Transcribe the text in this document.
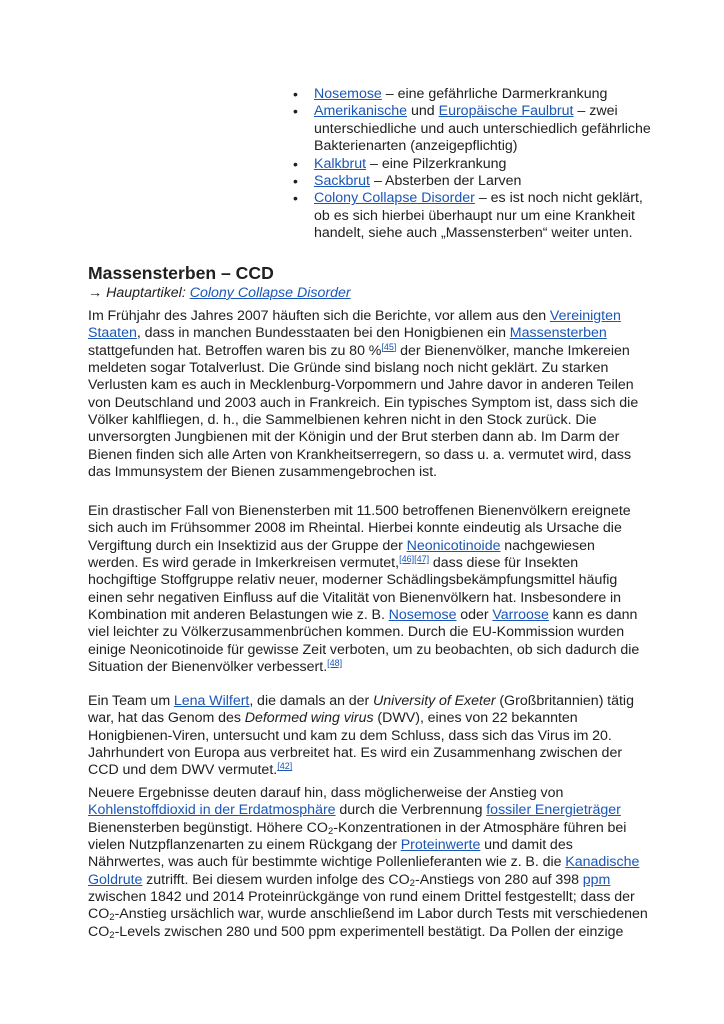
• Nosemose – eine gefährliche Darmerkrankung
• Amerikanische und Europäische Faulbrut – zwei unterschiedliche und auch unterschiedlich gefährliche Bakterienarten (anzeigepflichtig)
• Kalkbrut – eine Pilzerkrankung
• Sackbrut – Absterben der Larven
• Colony Collapse Disorder – es ist noch nicht geklärt, ob es sich hierbei überhaupt nur um eine Krankheit handelt, siehe auch „Massensterben“ weiter unten.
Massensterben – CCD
→ Hauptartikel: Colony Collapse Disorder

Im Frühjahr des Jahres 2007 häuften sich die Berichte, vor allem aus den Vereinigten Staaten, dass in manchen Bundesstaaten bei den Honigbienen ein Massensterben stattgefunden hat. Betroffen waren bis zu 80 %[45] der Bienenvölker, manche Imkereien meldeten sogar Totalverlust. Die Gründe sind bislang noch nicht geklärt. Zu starken Verlusten kam es auch in Mecklenburg-Vorpommern und Jahre davor in anderen Teilen von Deutschland und 2003 auch in Frankreich. Ein typisches Symptom ist, dass sich die Völker kahlfliegen, d. h., die Sammelbienen kehren nicht in den Stock zurück. Die unversorgten Jungbienen mit der Königin und der Brut sterben dann ab. Im Darm der Bienen finden sich alle Arten von Krankheitserregern, so dass u. a. vermutet wird, dass das Immunsystem der Bienen zusammengebrochen ist.

Ein drastischer Fall von Bienensterben mit 11.500 betroffenen Bienenvölkern ereignete sich auch im Frühsommer 2008 im Rheintal. Hierbei konnte eindeutig als Ursache die Vergiftung durch ein Insektizid aus der Gruppe der Neonicotinoide nachgewiesen werden. Es wird gerade in Imkerkreisen vermutet,[46][47] dass diese für Insekten hochgiftige Stoffgruppe relativ neuer, moderner Schädlingsbekämpfungsmittel häufig einen sehr negativen Einfluss auf die Vitalität von Bienenvölkern hat. Insbesondere in Kombination mit anderen Belastungen wie z. B. Nosemose oder Varroose kann es dann viel leichter zu Völkerzusammenbrüchen kommen. Durch die EU-Kommission wurden einige Neonicotinoide für gewisse Zeit verboten, um zu beobachten, ob sich dadurch die Situation der Bienenvölker verbessert.[48]

Ein Team um Lena Wilfert, die damals an der University of Exeter (Großbritannien) tätig war, hat das Genom des Deformed wing virus (DWV), eines von 22 bekannten Honigbienen-Viren, untersucht und kam zu dem Schluss, dass sich das Virus im 20. Jahrhundert von Europa aus verbreitet hat. Es wird ein Zusammenhang zwischen der CCD und dem DWV vermutet.[42]

Neuere Ergebnisse deuten darauf hin, dass möglicherweise der Anstieg von Kohlenstoffdioxid in der Erdatmosphäre durch die Verbrennung fossiler Energieträger Bienensterben begünstigt. Höhere $CO_2$-Konzentrationen in der Atmosphäre führen bei vielen Nutzpflanzenarten zu einem Rückgang der Proteinwerte und damit des Nährwertes, was auch für bestimmte wichtige Pollenlieferanten wie z. B. die Kanadische Goldrute zutrifft. Bei diesem wurden infolge des $CO_2$-Anstiegs von 280 auf 398 ppm zwischen 1842 und 2014 Proteinrückgänge von rund einem Drittel festgestellt; dass der $CO_2$-Anstieg ursächlich war, wurde anschließend im Labor durch Tests mit verschiedenen $CO_2$-Levels zwischen 280 und 500 ppm experimentell bestätigt. Da Pollen der einzige
